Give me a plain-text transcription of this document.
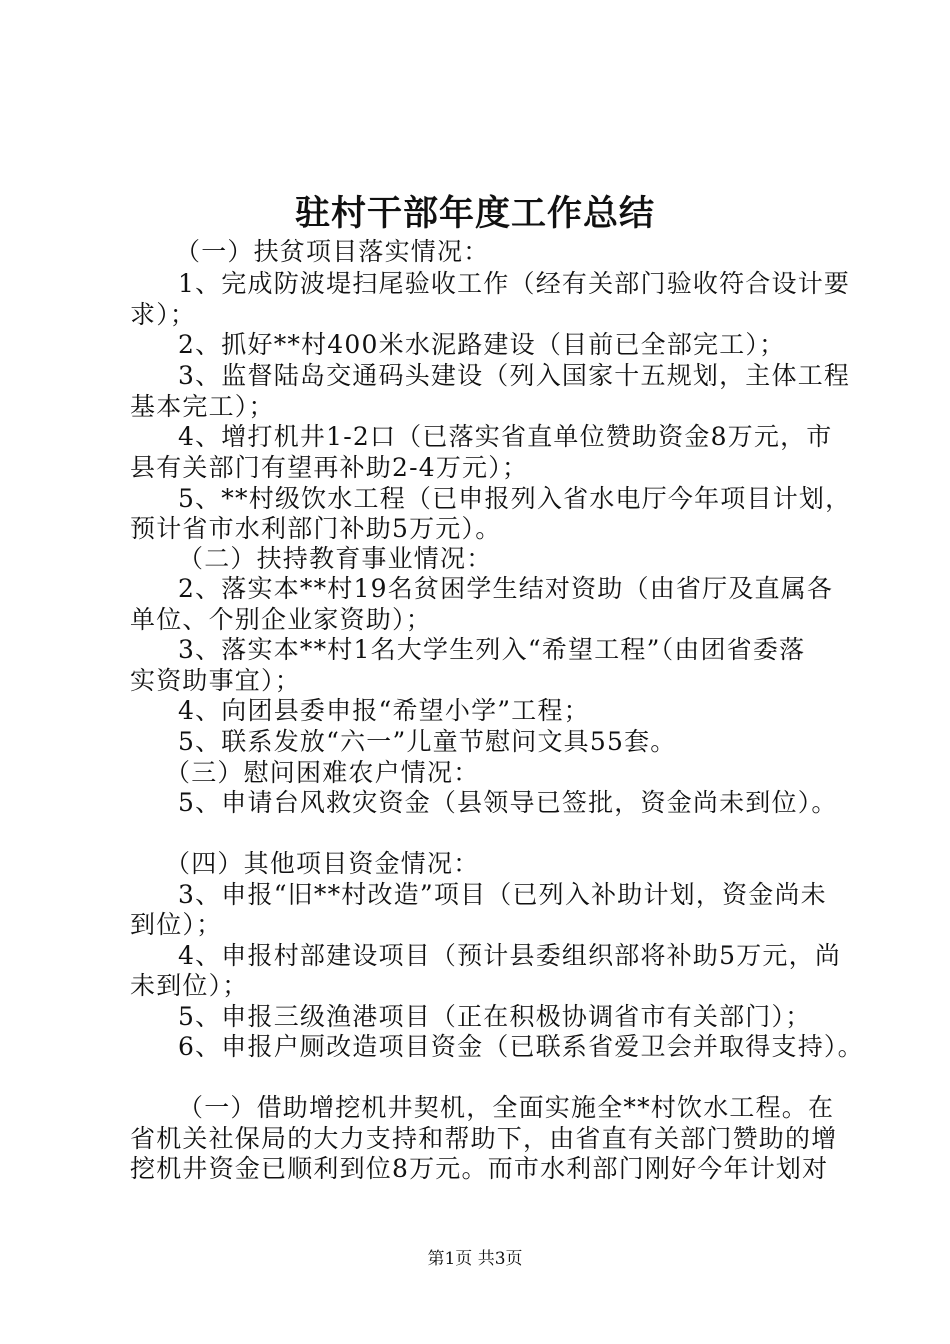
驻村干部年度工作总结
（一）扶贫项目落实情况：
1、完成防波堤扫尾验收工作（经有关部门验收符合设计要
求）；
2、抓好**村400米水泥路建设（目前已全部完工）；
3、监督陆岛交通码头建设（列入国家十五规划，主体工程
基本完工）；
4、增打机井1-2口（已落实省直单位赞助资金8万元，市
县有关部门有望再补助2-4万元）；
5、**村级饮水工程（已申报列入省水电厅今年项目计划，
预计省市水利部门补助5万元）。
（二）扶持教育事业情况：
2、落实本**村19名贫困学生结对资助（由省厅及直属各
单位、个别企业家资助）；
3、落实本**村1名大学生列入“希望工程”（由团省委落
实资助事宜）；
4、向团县委申报“希望小学”工程；
5、联系发放“六一”儿童节慰问文具55套。
（三）慰问困难农户情况：
5、申请台风救灾资金（县领导已签批，资金尚未到位）。
（四）其他项目资金情况：
3、申报“旧**村改造”项目（已列入补助计划，资金尚未
到位）；
4、申报村部建设项目（预计县委组织部将补助5万元，尚
未到位）；
5、申报三级渔港项目（正在积极协调省市有关部门）；
6、申报户厕改造项目资金（已联系省爱卫会并取得支持）。
（一）借助增挖机井契机，全面实施全**村饮水工程。在
省机关社保局的大力支持和帮助下，由省直有关部门赞助的增
挖机井资金已顺利到位8万元。而市水利部门刚好今年计划对
第1页 共3页
